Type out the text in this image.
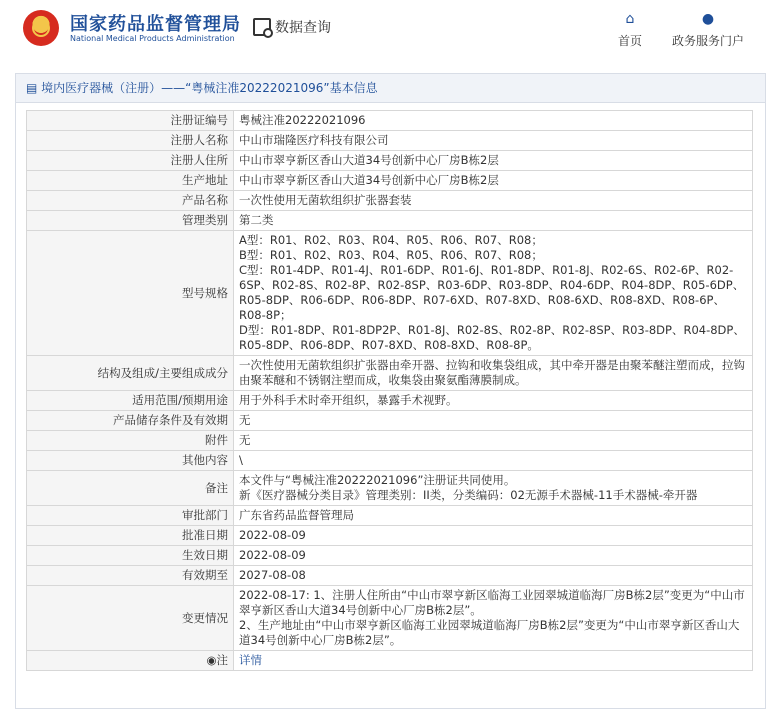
国家药品监督管理局
National Medical Products Administration
数据查询
⌂
首页
●
政务服务门户
▤ 境内医疗器械（注册）——“粤械注准20222021096”基本信息
注册证编号	粤械注准20222021096
注册人名称	中山市瑞隆医疗科技有限公司
注册人住所	中山市翠亨新区香山大道34号创新中心厂房B栋2层
生产地址	中山市翠亨新区香山大道34号创新中心厂房B栋2层
产品名称	一次性使用无菌软组织扩张器套装
管理类别	第二类
型号规格	A型：R01、R02、R03、R04、R05、R06、R07、R08；
B型：R01、R02、R03、R04、R05、R06、R07、R08；
C型：R01-4DP、R01-4J、R01-6DP、R01-6J、R01-8DP、R01-8J、R02-6S、R02-6P、R02-6SP、R02-8S、R02-8P、R02-8SP、R03-6DP、R03-8DP、R04-6DP、R04-8DP、R05-6DP、R05-8DP、R06-6DP、R06-8DP、R07-6XD、R07-8XD、R08-6XD、R08-8XD、R08-6P、R08-8P；
D型：R01-8DP、R01-8DP2P、R01-8J、R02-8S、R02-8P、R02-8SP、R03-8DP、R04-8DP、R05-8DP、R06-8DP、R07-8XD、R08-8XD、R08-8P。
结构及组成/主要组成成分	一次性使用无菌软组织扩张器由牵开器、拉钩和收集袋组成，其中牵开器是由聚苯醚注塑而成，拉钩由聚苯醚和不锈钢注塑而成，收集袋由聚氨酯薄膜制成。
适用范围/预期用途	用于外科手术时牵开组织，暴露手术视野。
产品储存条件及有效期	无
附件	无
其他内容	\
备注	本文件与“粤械注准20222021096”注册证共同使用。
新《医疗器械分类目录》管理类别：II类，分类编码：02无源手术器械-11手术器械-牵开器
审批部门	广东省药品监督管理局
批准日期	2022-08-09
生效日期	2022-08-09
有效期至	2027-08-08
变更情况	2022-08-17: 1、注册人住所由“中山市翠亨新区临海工业园翠城道临海厂房B栋2层”变更为“中山市翠亨新区香山大道34号创新中心厂房B栋2层”。
2、生产地址由“中山市翠亨新区临海工业园翠城道临海厂房B栋2层”变更为“中山市翠亨新区香山大道34号创新中心厂房B栋2层”。
◉注	详情
